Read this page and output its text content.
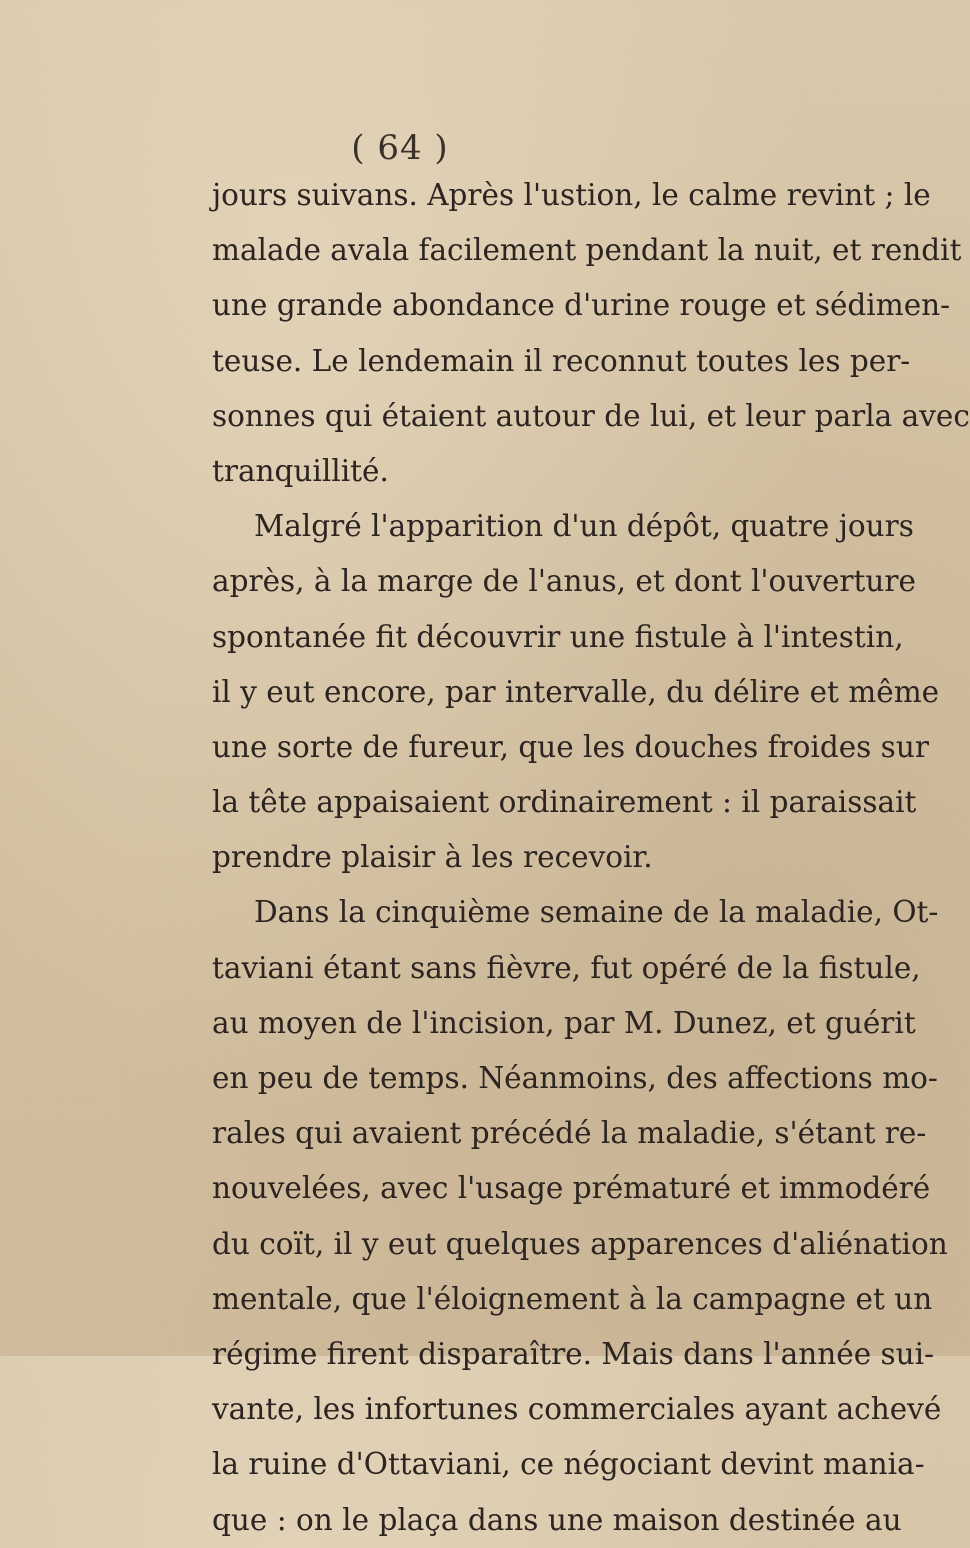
( 64 )
jours suivans. Après l'ustion, le calme revint ; le
malade avala facilement pendant la nuit, et rendit
une grande abondance d'urine rouge et sédimen-
teuse. Le lendemain il reconnut toutes les per-
sonnes qui étaient autour de lui, et leur parla avec
tranquillité.
Malgré l'apparition d'un dépôt, quatre jours
après, à la marge de l'anus, et dont l'ouverture
spontanée fit découvrir une fistule à l'intestin,
il y eut encore, par intervalle, du délire et même
une sorte de fureur, que les douches froides sur
la tête appaisaient ordinairement : il paraissait
prendre plaisir à les recevoir.
Dans la cinquième semaine de la maladie, Ot-
taviani étant sans fièvre, fut opéré de la fistule,
au moyen de l'incision, par M. Dunez, et guérit
en peu de temps. Néanmoins, des affections mo-
rales qui avaient précédé la maladie, s'étant re-
nouvelées, avec l'usage prématuré et immodéré
du coït, il y eut quelques apparences d'aliénation
mentale, que l'éloignement à la campagne et un
régime firent disparaître. Mais dans l'année sui-
vante, les infortunes commerciales ayant achevé
la ruine d'Ottaviani, ce négociant devint mania-
que : on le plaça dans une maison destinée au
